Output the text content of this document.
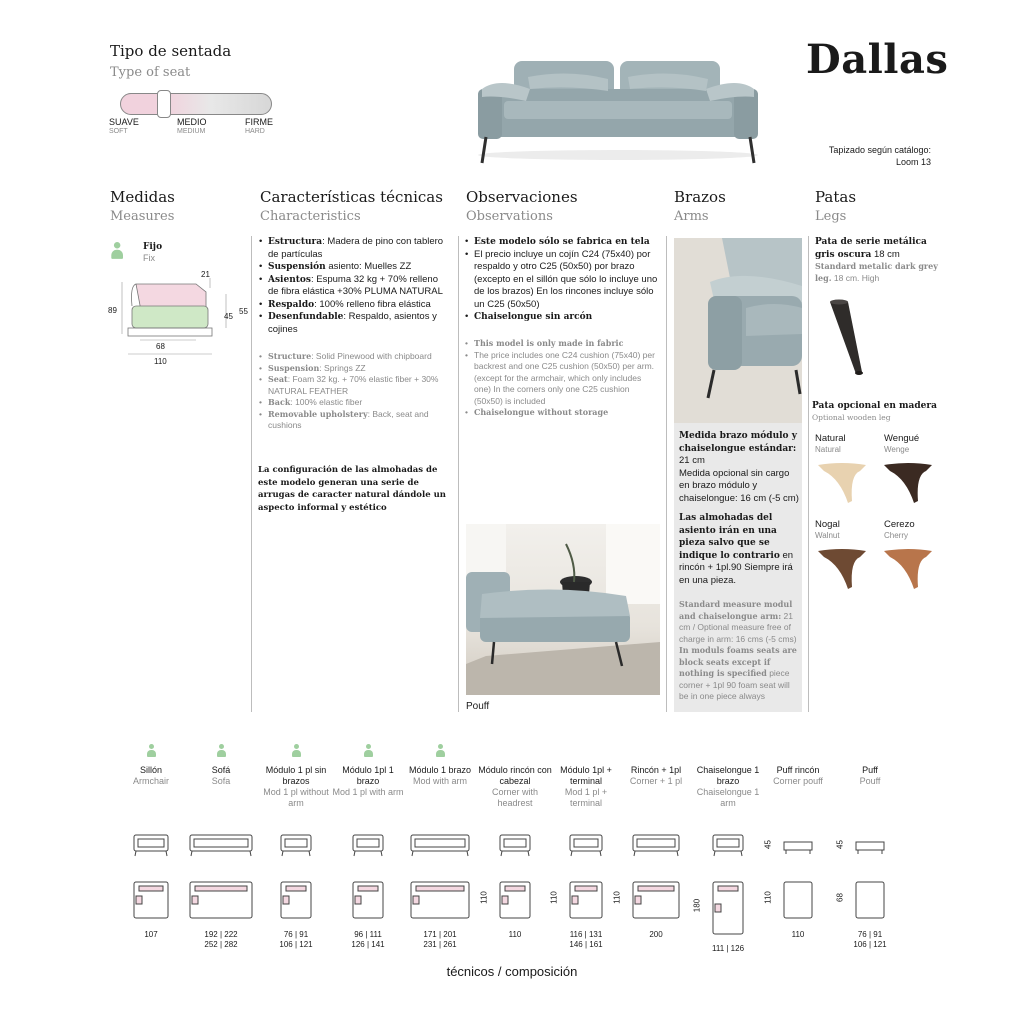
Tipo de sentada
Type of seat
SUAVE
SOFT
MEDIO
MEDIUM
FIRME
HARD
Dallas
Tapizado según catálogo:
Loom 13
Medidas
Measures
Características técnicas
Characteristics
Observaciones
Observations
Brazos
Arms
Patas
Legs
Fijo
Fix
21
89
45
55
68
110
• Estructura: Madera de pino con tablero de partículas
• Suspensión asiento: Muelles ZZ
• Asientos: Espuma 32 kg + 70% relleno de fibra elástica +30% PLUMA NATURAL
• Respaldo: 100% relleno fibra elástica
• Desenfundable: Respaldo, asientos y cojines
• Structure: Solid Pinewood with chipboard
• Suspension: Springs ZZ
• Seat: Foam 32 kg. + 70% elastic fiber + 30% NATURAL FEATHER
• Back: 100% elastic fiber
• Removable upholstery: Back, seat and cushions
La configuración de las almohadas de este modelo generan una serie de arrugas de caracter natural dándole un aspecto informal y estético
• Este modelo sólo se fabrica en tela
• El precio incluye un cojín C24 (75x40) por respaldo y otro C25 (50x50) por brazo (excepto en el sillón que sólo lo incluye uno de los brazos) En los rincones incluye sólo un C25 (50x50)
• Chaiselongue sin arcón
• This model is only made in fabric
• The price includes one C24 cushion (75x40) per backrest and one C25 cushion (50x50) per arm. (except for the armchair, which only includes one) In the corners only one C25 cushion (50x50) is included
• Chaiselongue without storage
Pouff
Medida brazo módulo y chaiselongue estándar: 21 cm
Medida opcional sin cargo en brazo módulo y chaiselongue: 16 cm (-5 cm)
Las almohadas del asiento irán en una pieza salvo que se indique lo contrario en rincón + 1pl.90 Siempre irá en una pieza.
Standard measure modul and chaiselongue arm: 21 cm / Optional measure free of charge in arm: 16 cms (-5 cms)
In moduls foams seats are block seats except if nothing is specified piece corner + 1pl 90 foam seat will be in one piece always
Pata de serie metálica gris oscura 18 cm
Standard metalic dark grey leg. 18 cm. High
Pata opcional en madera
Optional wooden leg
Natural
Natural
Wengué
Wenge
Nogal
Walnut
Cerezo
Cherry
Sillón
Armchair
107
Sofá
Sofa
192 | 222
252 | 282
Módulo 1 pl sin brazos
Mod 1 pl without arm
76 | 91
106 | 121
Módulo 1pl 1 brazo
Mod 1 pl with arm
96 | 111
126 | 141
Módulo 1 brazo
Mod with arm
171 | 201
231 | 261
Módulo rincón con cabezal
Corner with headrest
110
110
Módulo 1pl + terminal
Mod 1 pl + terminal
110
116 | 131
146 | 161
Rincón + 1pl
Corner + 1 pl
110
200
Chaiselongue 1 brazo
Chaiselongue 1 arm
180
111 | 126
Puff rincón
Corner pouff
110
45
110
Puff
Pouff
68
45
76 | 91
106 | 121
técnicos / composición
